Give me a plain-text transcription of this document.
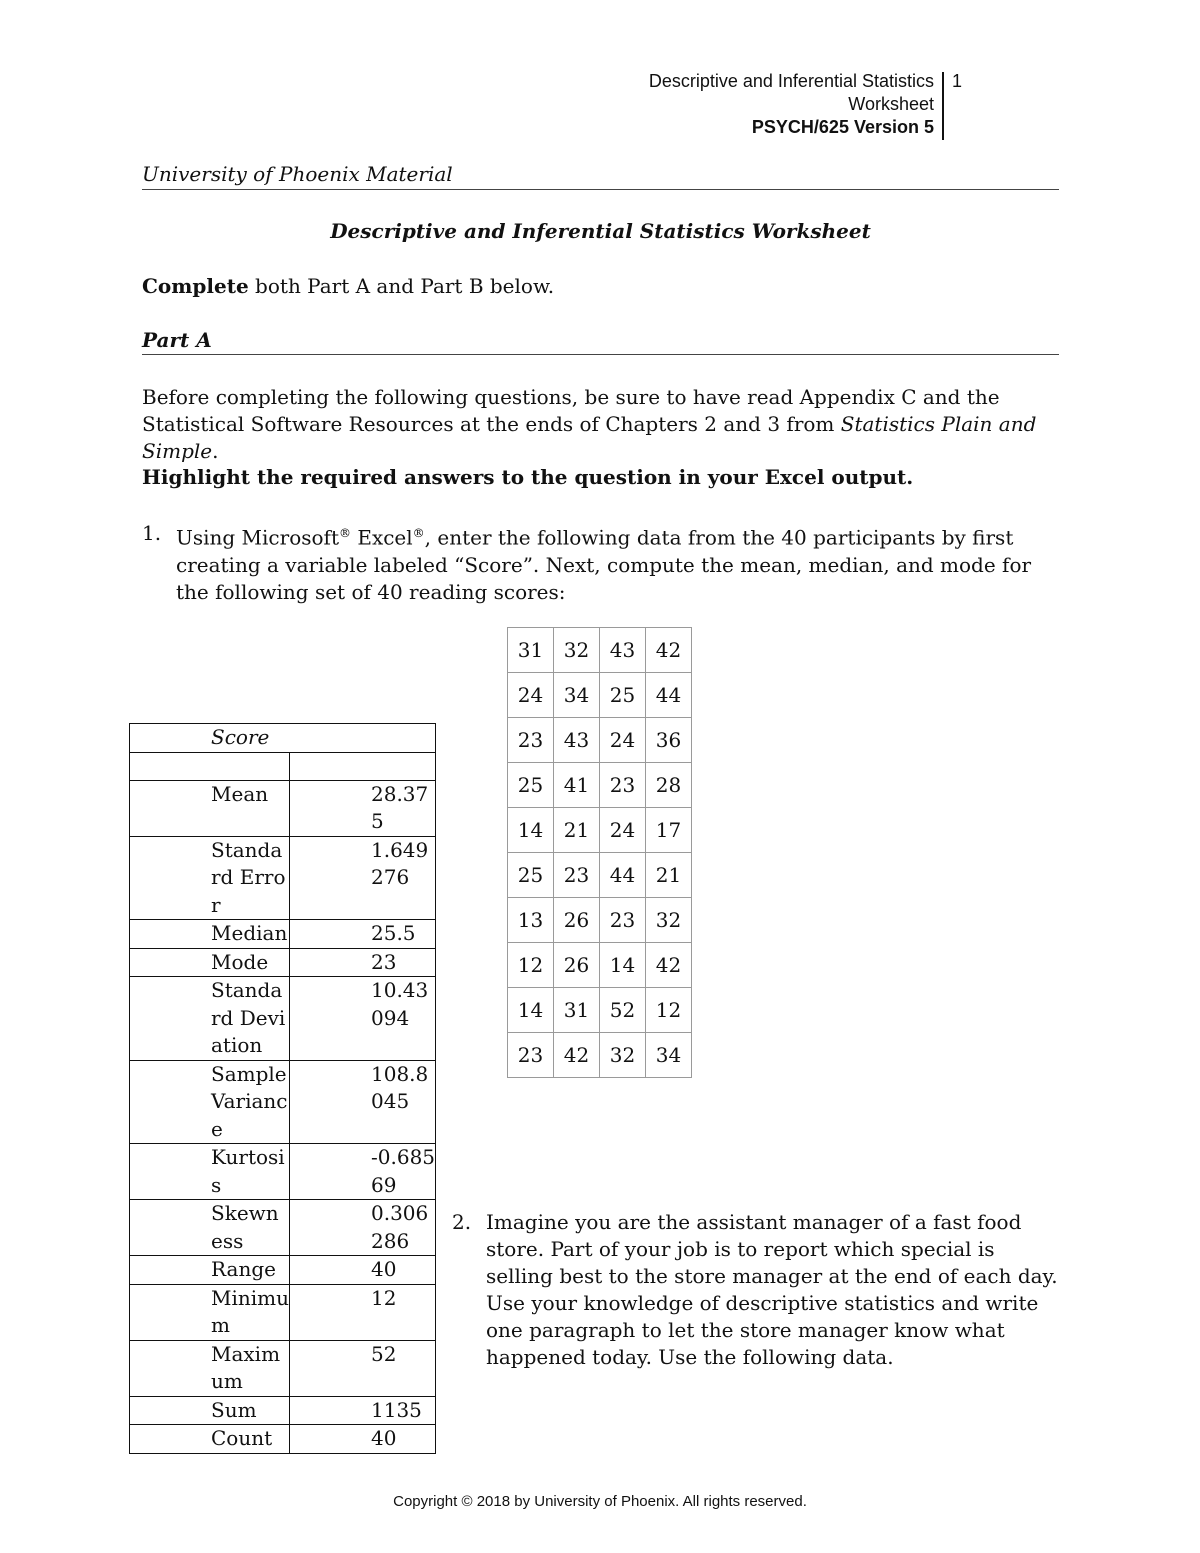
Descriptive and Inferential Statistics
Worksheet
PSYCH/625 Version 5
1
University of Phoenix Material
Descriptive and Inferential Statistics Worksheet
Complete both Part A and Part B below.
Part A
Before completing the following questions, be sure to have read Appendix C and the Statistical Software Resources at the ends of Chapters 2 and 3 from Statistics Plain and Simple.
Highlight the required answers to the question in your Excel output.
1. Using Microsoft® Excel®, enter the following data from the 40 participants by first creating a variable labeled “Score”. Next, compute the mean, median, and mode for the following set of 40 reading scores:
31	32	43	42
24	34	25	44
23	43	24	36
25	41	23	28
14	21	24	17
25	23	44	21
13	26	23	32
12	26	14	42
14	31	52	12
23	42	32	34
Score	

Mean	28.375
Standard Error	1.649276
Median	25.5
Mode	23
Standard Deviation	10.43094
Sample Variance	108.8045
Kurtosis	-0.68569
Skewness	0.306286
Range	40
Minimum	12
Maximum	52
Sum	1135
Count	40
2. Imagine you are the assistant manager of a fast food store. Part of your job is to report which special is selling best to the store manager at the end of each day. Use your knowledge of descriptive statistics and write one paragraph to let the store manager know what happened today. Use the following data.
Copyright © 2018 by University of Phoenix. All rights reserved.
